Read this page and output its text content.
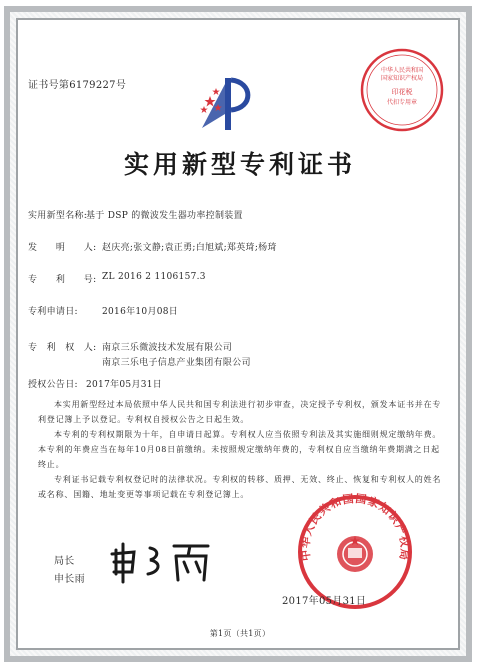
证书号第6179227号
中华人民共和国
国家知识产权局
印花税
代扣专用章
实用新型专利证书
实用新型名称:
基于 DSP 的微波发生器功率控制装置
发　　明　　人: 赵庆亮;张文静;袁正勇;白旭斌;郑英琦;杨琦
专　　利　　号: ZL 2016 2 1106157.3
专利申请日:	2016年10月08日
专　利　权　人: 南京三乐微波技术发展有限公司
南京三乐电子信息产业集团有限公司
授权公告日: 2017年05月31日
本实用新型经过本局依照中华人民共和国专利法进行初步审查，决定授予专利权，颁发本证书并在专利登记簿上予以登记。专利权自授权公告之日起生效。
本专利的专利权期限为十年，自申请日起算。专利权人应当依照专利法及其实施细则规定缴纳年费。本专利的年费应当在每年10月08日前缴纳。未按照规定缴纳年费的，专利权自应当缴纳年费期满之日起终止。
专利证书记载专利权登记时的法律状况。专利权的转移、质押、无效、终止、恢复和专利权人的姓名或名称、国籍、地址变更等事项记载在专利登记簿上。
局长
申长雨
中华人民共和国国家知识产权局
2017年05月31日
第1页（共1页）
